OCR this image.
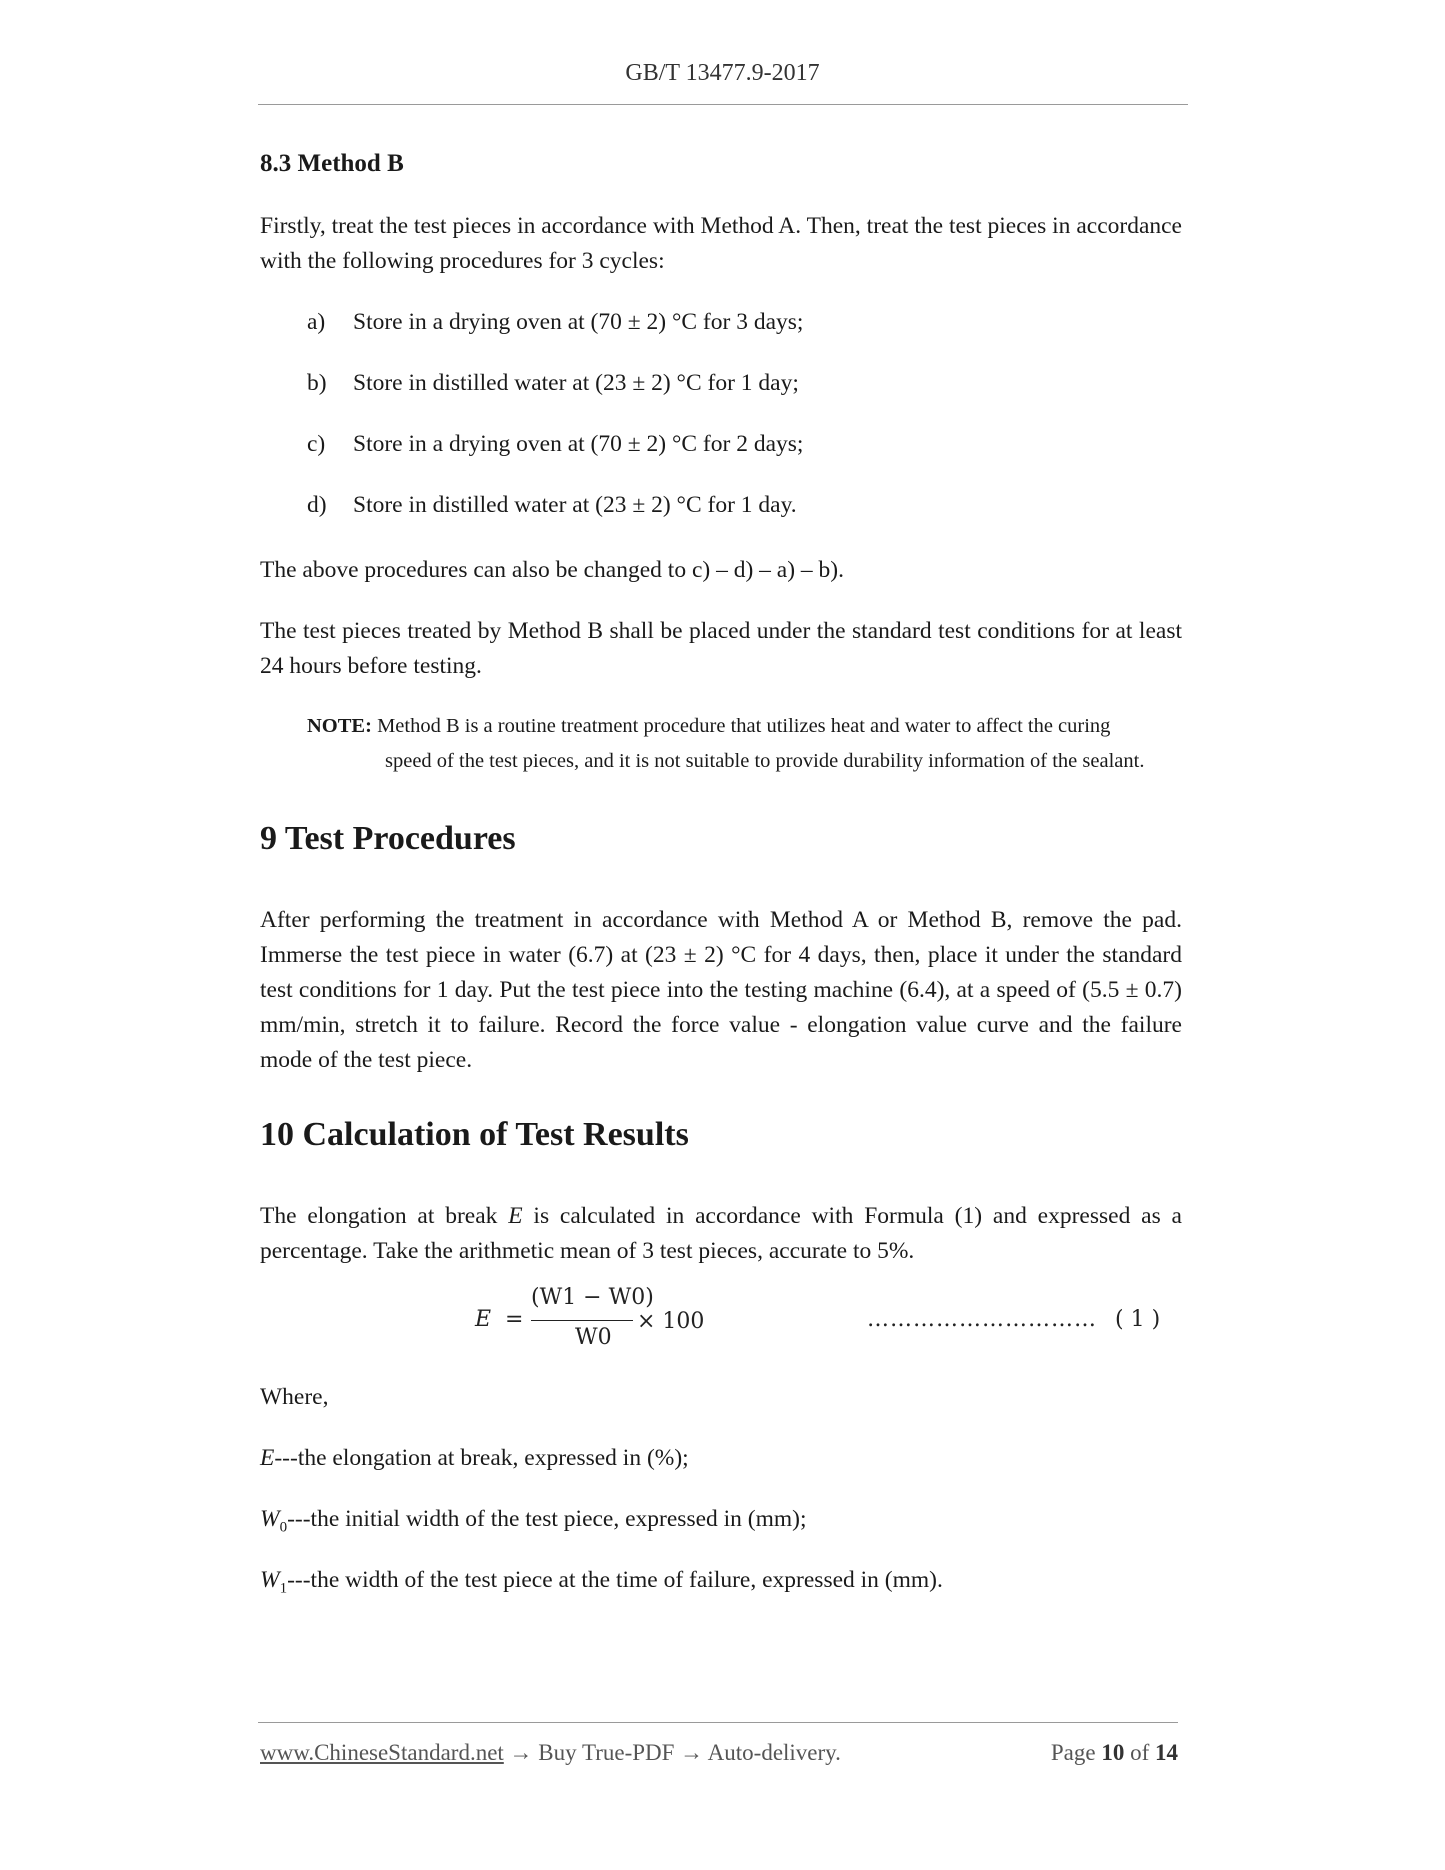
GB/T 13477.9-2017
8.3 Method B
Firstly, treat the test pieces in accordance with Method A. Then, treat the test pieces in accordance with the following procedures for 3 cycles:
a) Store in a drying oven at (70 ± 2) °C for 3 days;
b) Store in distilled water at (23 ± 2) °C for 1 day;
c) Store in a drying oven at (70 ± 2) °C for 2 days;
d) Store in distilled water at (23 ± 2) °C for 1 day.
The above procedures can also be changed to c) – d) – a) – b).
The test pieces treated by Method B shall be placed under the standard test conditions for at least 24 hours before testing.
NOTE: Method B is a routine treatment procedure that utilizes heat and water to affect the curing
speed of the test pieces, and it is not suitable to provide durability information of the sealant.
9 Test Procedures
After performing the treatment in accordance with Method A or Method B, remove the pad. Immerse the test piece in water (6.7) at (23 ± 2) °C for 4 days, then, place it under the standard test conditions for 1 day. Put the test piece into the testing machine (6.4), at a speed of (5.5 ± 0.7) mm/min, stretch it to failure. Record the force value - elongation value curve and the failure mode of the test piece.
10 Calculation of Test Results
The elongation at break E is calculated in accordance with Formula (1) and expressed as a percentage. Take the arithmetic mean of 3 test pieces, accurate to 5%.
E =
(W1 − W0)
W0
× 100	………………………… ( 1 )
Where,
E---the elongation at break, expressed in (%);
$W_0--$-the initial width of the test piece, expressed in (mm);
$W_1--$-the width of the test piece at the time of failure, expressed in (mm).
www.ChineseStandard.net → Buy True-PDF → Auto-delivery.	Page 10 of 14
